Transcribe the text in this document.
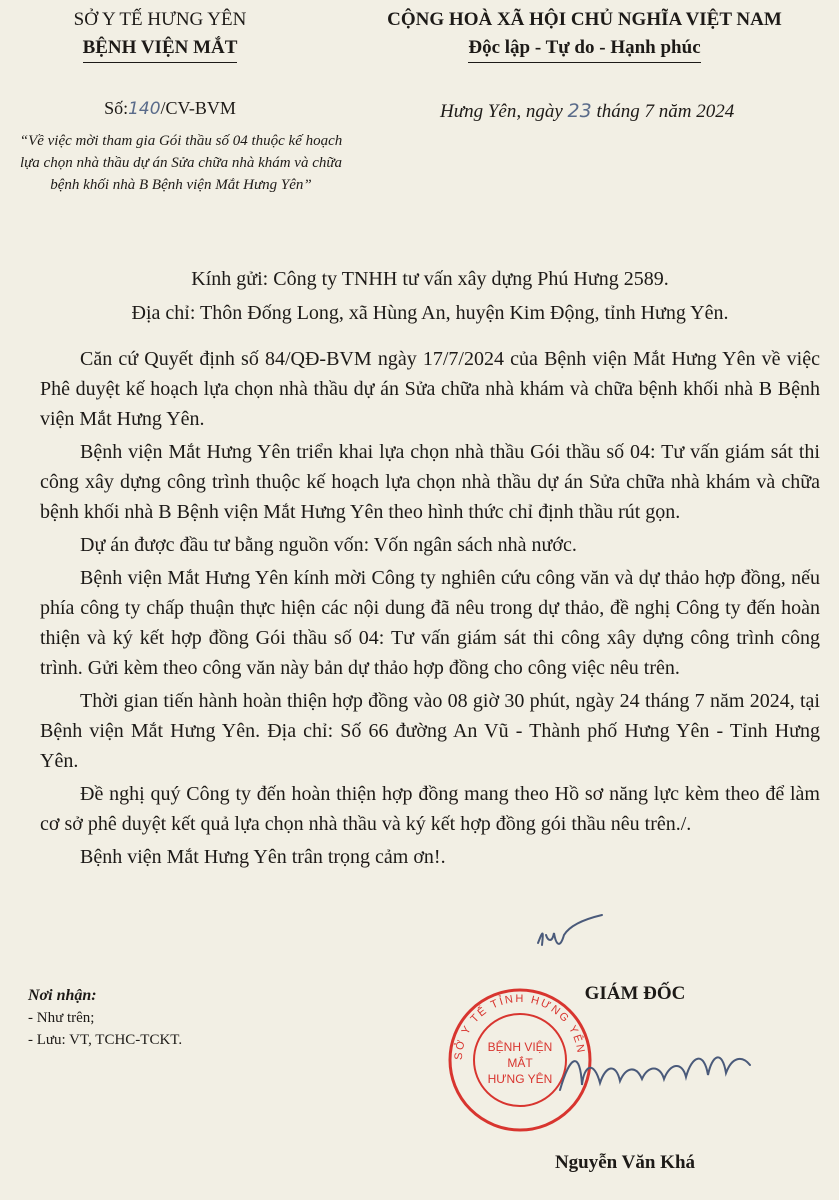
SỞ Y TẾ HƯNG YÊN
BỆNH VIỆN MẮT
CỘNG HOÀ XÃ HỘI CHỦ NGHĨA VIỆT NAM
Độc lập - Tự do - Hạnh phúc
Số:140/CV-BVM
“Về việc mời tham gia Gói thầu số 04 thuộc kế hoạch lựa chọn nhà thầu dự án Sửa chữa nhà khám và chữa bệnh khối nhà B Bệnh viện Mắt Hưng Yên”
Hưng Yên, ngày 23 tháng 7 năm 2024
Kính gửi: Công ty TNHH tư vấn xây dựng Phú Hưng 2589.
Địa chỉ: Thôn Đống Long, xã Hùng An, huyện Kim Động, tỉnh Hưng Yên.

Căn cứ Quyết định số 84/QĐ-BVM ngày 17/7/2024 của Bệnh viện Mắt Hưng Yên về việc Phê duyệt kế hoạch lựa chọn nhà thầu dự án Sửa chữa nhà khám và chữa bệnh khối nhà B Bệnh viện Mắt Hưng Yên.

Bệnh viện Mắt Hưng Yên triển khai lựa chọn nhà thầu Gói thầu số 04: Tư vấn giám sát thi công xây dựng công trình thuộc kế hoạch lựa chọn nhà thầu dự án Sửa chữa nhà khám và chữa bệnh khối nhà B Bệnh viện Mắt Hưng Yên theo hình thức chỉ định thầu rút gọn.

Dự án được đầu tư bằng nguồn vốn: Vốn ngân sách nhà nước.

Bệnh viện Mắt Hưng Yên kính mời Công ty nghiên cứu công văn và dự thảo hợp đồng, nếu phía công ty chấp thuận thực hiện các nội dung đã nêu trong dự thảo, đề nghị Công ty đến hoàn thiện và ký kết hợp đồng Gói thầu số 04: Tư vấn giám sát thi công xây dựng công trình công trình. Gửi kèm theo công văn này bản dự thảo hợp đồng cho công việc nêu trên.

Thời gian tiến hành hoàn thiện hợp đồng vào 08 giờ 30 phút, ngày 24 tháng 7 năm 2024, tại Bệnh viện Mắt Hưng Yên. Địa chỉ: Số 66 đường An Vũ - Thành phố Hưng Yên - Tỉnh Hưng Yên.

Đề nghị quý Công ty đến hoàn thiện hợp đồng mang theo Hồ sơ năng lực kèm theo để làm cơ sở phê duyệt kết quả lựa chọn nhà thầu và ký kết hợp đồng gói thầu nêu trên./.

Bệnh viện Mắt Hưng Yên trân trọng cảm ơn!.

Nơi nhận:
- Như trên;
- Lưu: VT, TCHC-TCKT.
SỞ Y TẾ TỈNH HƯNG YÊN
BỆNH VIỆN
MẮT
HƯNG YÊN
GIÁM ĐỐC
Nguyễn Văn Khá
